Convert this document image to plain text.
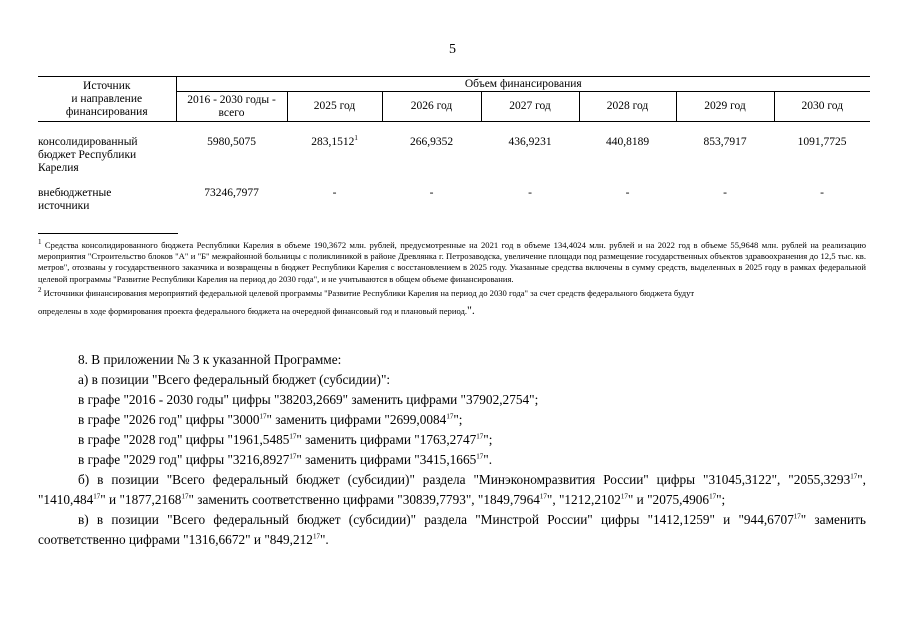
5
Источник
и направление
финансирования	Объем финансирования						
	2016 - 2030 годы -
всего	2025 год	2026 год	2027 год	2028 год	2029 год	2030 год
консолидированный
бюджет Республики
Карелия	5980,5075	283,1512$^1$	266,9352	436,9231	440,8189	853,7917	1091,7725
внебюджетные
источники	73246,7977	-	-	-	-	-	-

$^1$ Средства консолидированного бюджета Республики Карелия в объеме 190,3672 млн. рублей, предусмотренные на 2021 год в объеме 134,4024 млн. рублей и на 2022 год в объеме 55,9648 млн. рублей на реализацию мероприятия "Строительство блоков "А" и "Б" межрайонной больницы с поликлиникой в районе Древлянка г. Петрозаводска, увеличение площади под размещение государственных объектов здравоохранения до 12,5 тыс. кв. метров", отозваны у государственного заказчика и возвращены в бюджет Республики Карелия с восстановлением в 2025 году. Указанные средства включены в сумму средств, выделенных в 2025 году в рамках федеральной целевой программы "Развитие Республики Карелия на период до 2030 года", и не учитываются в общем объеме финансирования.

$^2$ Источники финансирования мероприятий федеральной целевой программы "Развитие Республики Карелия на период до 2030 года" за счет средств федерального бюджета будут
определены в ходе формирования проекта федерального бюджета на очередной финансовый год и плановый период.".

8. В приложении № 3 к указанной Программе:

а) в позиции "Всего федеральный бюджет (субсидии)":

в графе "2016 - 2030 годы" цифры "38203,2669" заменить цифрами "37902,2754";

в графе "2026 год" цифры "3000$^{17}$" заменить цифрами "2699,0084$^{17}$";

в графе "2028 год" цифры "1961,5485$^{17}$" заменить цифрами "1763,2747$^{17}$";

в графе "2029 год" цифры "3216,8927$^{17}$" заменить цифрами "3415,1665$^{17}$".

б) в позиции "Всего федеральный бюджет (субсидии)" раздела "Минэкономразвития России" цифры "31045,3122", "2055,3293$^{17}$", "1410,484$^{17}$" и "1877,2168$^{17}$" заменить соответственно цифрами "30839,7793", "1849,7964$^{17}$", "1212,2102$^{17}$" и "2075,4906$^{17}$";

в) в позиции "Всего федеральный бюджет (субсидии)" раздела "Минстрой России" цифры "1412,1259" и "944,6707$^{17}$" заменить соответственно цифрами "1316,6672" и "849,212$^{17}$".
